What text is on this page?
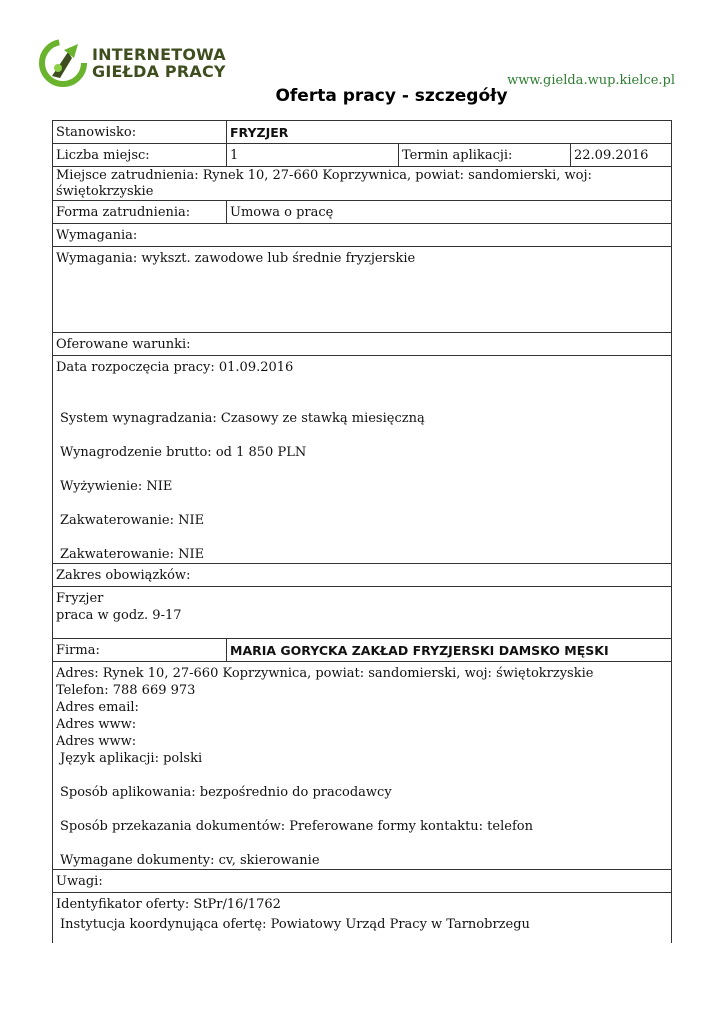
INTERNETOWA
GIEŁDA PRACY	www.gielda.wup.kielce.pl
Oferta pracy - szczegóły
Stanowisko:	FRYZJER
Liczba miejsc:	1	Termin aplikacji:	22.09.2016
Miejsce zatrudnienia: Rynek 10, 27-660 Koprzywnica, powiat: sandomierski, woj: świętokrzyskie
Forma zatrudnienia:	Umowa o pracę
Wymagania:
Wymagania: wykszt. zawodowe lub średnie fryzjerskie
Oferowane warunki:

Data rozpoczęcia pracy: 01.09.2016

System wynagradzania: Czasowy ze stawką miesięczną

Wynagrodzenie brutto: od 1 850 PLN

Wyżywienie: NIE

Zakwaterowanie: NIE

Zakwaterowanie: NIE

Zakres obowiązków:

Fryzjer

praca w godz. 9-17

Firma:	MARIA GORYCKA ZAKŁAD FRYZJERSKI DAMSKO MĘSKI

Adres: Rynek 10, 27-660 Koprzywnica, powiat: sandomierski, woj: świętokrzyskie

Telefon: 788 669 973

Adres email:

Adres www:

Adres www:

Język aplikacji: polski

Sposób aplikowania: bezpośrednio do pracodawcy

Sposób przekazania dokumentów: Preferowane formy kontaktu: telefon

Wymagane dokumenty: cv, skierowanie

Uwagi:

Identyfikator oferty: StPr/16/1762

Instytucja koordynująca ofertę: Powiatowy Urząd Pracy w Tarnobrzegu
